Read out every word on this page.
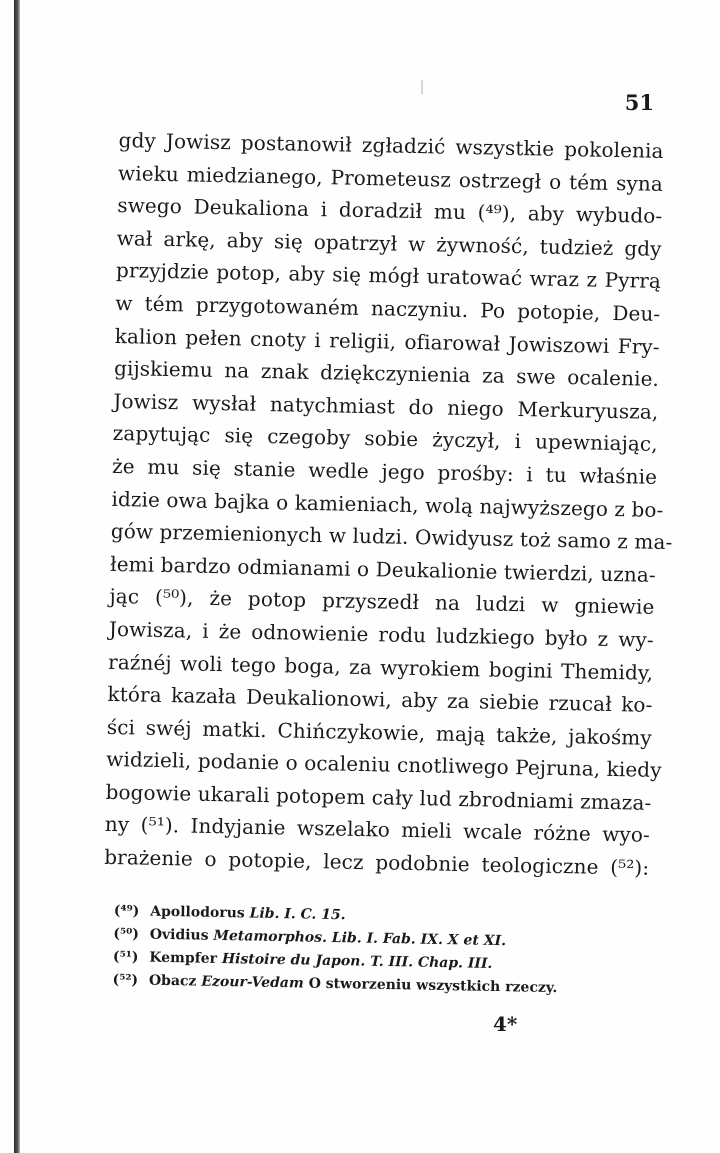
51
gdy Jowisz postanowił zgładzić wszystkie pokolenia
wieku miedzianego, Prometeusz ostrzegł o tém syna
swego Deukaliona i doradził mu (⁴⁹), aby wybudo-
wał arkę, aby się opatrzył w żywność, tudzież gdy
przyjdzie potop, aby się mógł uratować wraz z Pyrrą
w tém przygotowaném naczyniu. Po potopie, Deu-
kalion pełen cnoty i religii, ofiarował Jowiszowi Fry-
gijskiemu na znak dziękczynienia za swe ocalenie.
Jowisz wysłał natychmiast do niego Merkuryusza,
zapytując się czegoby sobie życzył, i upewniając,
że mu się stanie wedle jego prośby: i tu właśnie
idzie owa bajka o kamieniach, wolą najwyższego z bo-
gów przemienionych w ludzi. Owidyusz toż samo z ma-
łemi bardzo odmianami o Deukalionie twierdzi, uzna-
jąc (⁵⁰), że potop przyszedł na ludzi w gniewie
Jowisza, i że odnowienie rodu ludzkiego było z wy-
raźnéj woli tego boga, za wyrokiem bogini Themidy,
która kazała Deukalionowi, aby za siebie rzucał ko-
ści swéj matki. Chińczykowie, mają także, jakośmy
widzieli, podanie o ocaleniu cnotliwego Pejruna, kiedy
bogowie ukarali potopem cały lud zbrodniami zmaza-
ny (⁵¹). Indyjanie wszelako mieli wcale różne wyo-
brażenie o potopie, lecz podobnie teologiczne (⁵²):
(⁴⁹) Apollodorus Lib. I. C. 15.
(⁵⁰) Ovidius Metamorphos. Lib. I. Fab. IX. X et XI.
(⁵¹) Kempfer Histoire du Japon. T. III. Chap. III.
(⁵²) Obacz Ezour-Vedam O stworzeniu wszystkich rzeczy.
4*
